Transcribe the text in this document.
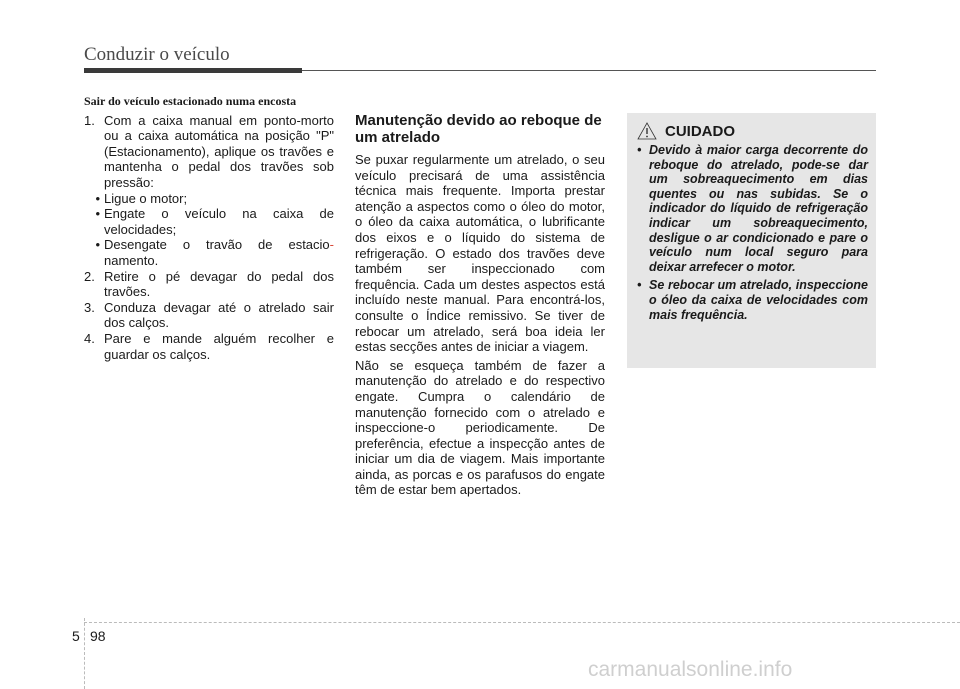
Conduzir o veículo
Sair do veículo estacionado numa encosta
1. Com a caixa manual em ponto-morto ou a caixa automática na posição "P" (Estacionamento), aplique os travões e mantenha o pedal dos travões sob pressão:
• Ligue o motor;
• Engate o veículo na caixa de velocidades;
• Desengate o travão de estacio- namento.
2. Retire o pé devagar do pedal dos travões.
3. Conduza devagar até o atrelado sair dos calços.
4. Pare e mande alguém recolher e guardar os calços.
Manutenção devido ao reboque de um atrelado

Se puxar regularmente um atrelado, o seu veículo precisará de uma assistência técnica mais frequente. Importa prestar atenção a aspectos como o óleo do motor, o óleo da caixa automática, o lubrificante dos eixos e o líquido do sistema de refrigeração. O estado dos travões deve também ser inspeccionado com frequência. Cada um destes aspectos está incluído neste manual. Para encontrá-los, consulte o Índice remissivo. Se tiver de rebocar um atrelado, será boa ideia ler estas secções antes de iniciar a viagem.

Não se esqueça também de fazer a manutenção do atrelado e do respectivo engate. Cumpra o calendário de manutenção fornecido com o atrelado e inspeccione-o periodicamente. De preferência, efectue a inspecção antes de iniciar um dia de viagem. Mais importante ainda, as porcas e os parafusos do engate têm de estar bem apertados.

CUIDADO
• Devido à maior carga decorrente do reboque do atrelado, pode-se dar um sobreaquecimento em dias quentes ou nas subidas. Se o indicador do líquido de refrigeração indicar um sobreaquecimento, desligue o ar condicionado e pare o veículo num local seguro para deixar arrefecer o motor.
• Se rebocar um atrelado, inspeccione o óleo da caixa de velocidades com mais frequência.
5 98
carmanualsonline.info
